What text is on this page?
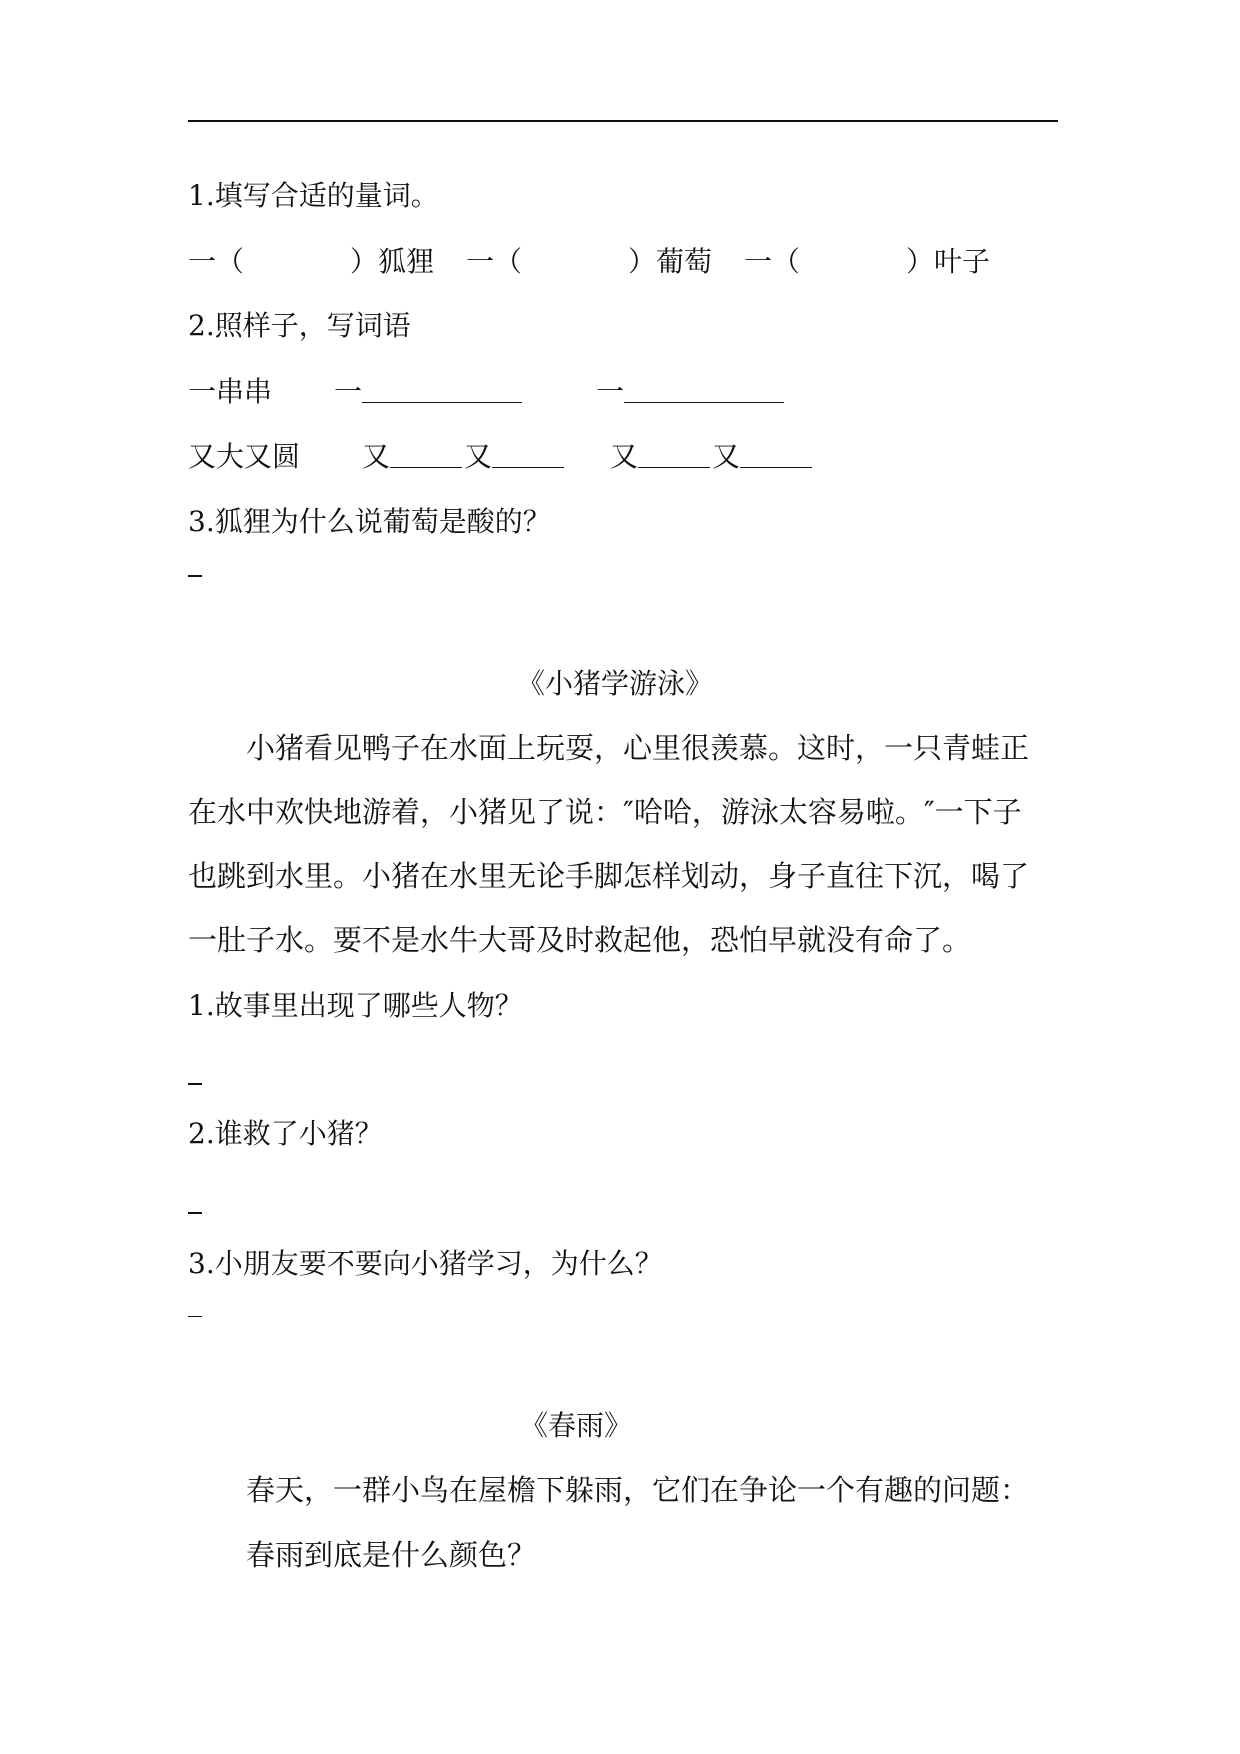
1.填写合适的量词。
一（	）狐狸 一（	）葡萄 一（	）叶子
2.照样子，写词语
一串串 一	一
又大又圆 又	又	又	又
3.狐狸为什么说葡萄是酸的？
《小猪学游泳》
小猪看见鸭子在水面上玩耍，心里很羡慕。这时，一只青蛙正
在水中欢快地游着，小猪见了说：″哈哈，游泳太容易啦。″一下子
也跳到水里。小猪在水里无论手脚怎样划动，身子直往下沉，喝了
一肚子水。要不是水牛大哥及时救起他，恐怕早就没有命了。
1.故事里出现了哪些人物？
2.谁救了小猪？
3.小朋友要不要向小猪学习，为什么？
《春雨》
春天，一群小鸟在屋檐下躲雨，它们在争论一个有趣的问题：
春雨到底是什么颜色？
